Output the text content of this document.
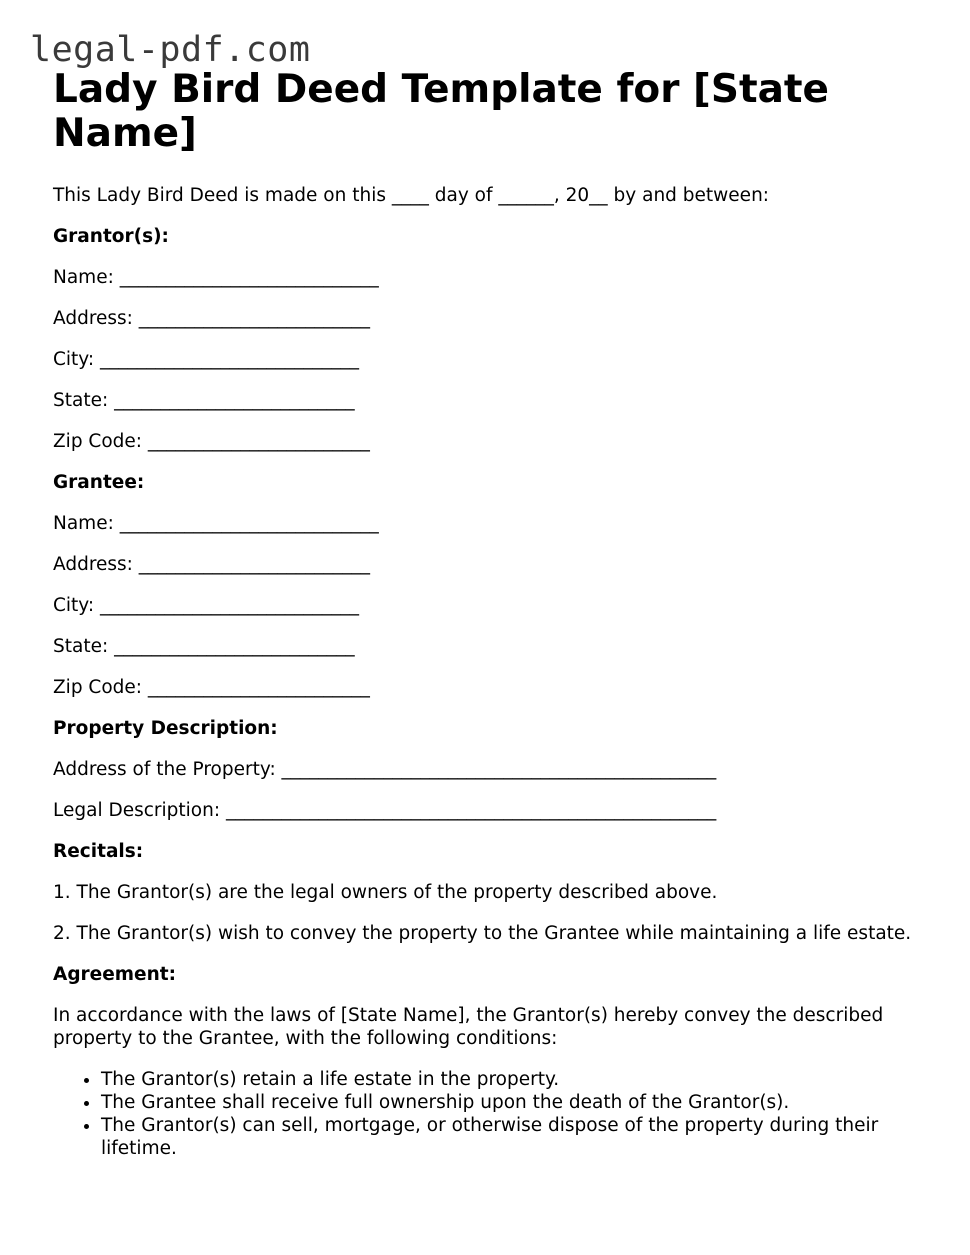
legal-pdf.com
Lady Bird Deed Template for [State Name]

This Lady Bird Deed is made on this ____ day of ______, 20__ by and between:

Grantor(s):

Name: ____________________________

Address: _________________________

City: ____________________________

State: __________________________

Zip Code: ________________________

Grantee:

Name: ____________________________

Address: _________________________

City: ____________________________

State: __________________________

Zip Code: ________________________

Property Description:

Address of the Property: _______________________________________________

Legal Description: _____________________________________________________

Recitals:

1. The Grantor(s) are the legal owners of the property described above.

2. The Grantor(s) wish to convey the property to the Grantee while maintaining a life estate.

Agreement:

In accordance with the laws of [State Name], the Grantor(s) hereby convey the described property to the Grantee, with the following conditions:

• The Grantor(s) retain a life estate in the property.
• The Grantee shall receive full ownership upon the death of the Grantor(s).
• The Grantor(s) can sell, mortgage, or otherwise dispose of the property during their lifetime.
